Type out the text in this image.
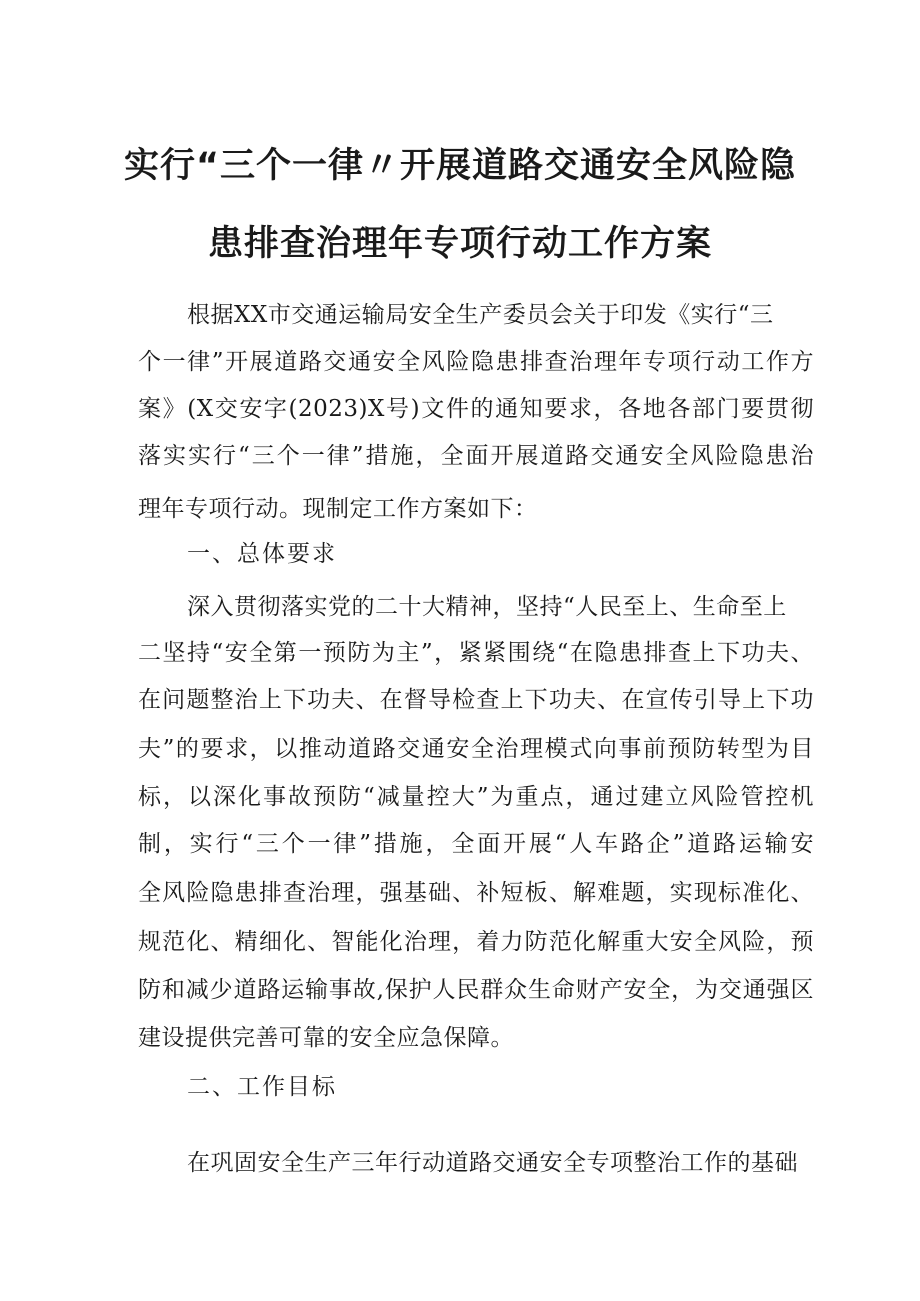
实行“三个一律〃开展道路交通安全风险隐
患排查治理年专项行动工作方案
根据XX市交通运输局安全生产委员会关于印发《实行“三
个一律”开展道路交通安全风险隐患排查治理年专项行动工作方
案》(X交安字(2023)X号)文件的通知要求，各地各部门要贯彻
落实实行“三个一律”措施，全面开展道路交通安全风险隐患治
理年专项行动。现制定工作方案如下：
一、总体要求
深入贯彻落实党的二十大精神，坚持“人民至上、生命至上
二坚持“安全第一预防为主”，紧紧围绕“在隐患排查上下功夫、
在问题整治上下功夫、在督导检查上下功夫、在宣传引导上下功
夫”的要求，以推动道路交通安全治理模式向事前预防转型为目
标，以深化事故预防“减量控大”为重点，通过建立风险管控机
制，实行“三个一律”措施，全面开展“人车路企”道路运输安
全风险隐患排查治理，强基础、补短板、解难题，实现标准化、
规范化、精细化、智能化治理，着力防范化解重大安全风险，预
防和减少道路运输事故,保护人民群众生命财产安全，为交通强区
建设提供完善可靠的安全应急保障。
二、工作目标
在巩固安全生产三年行动道路交通安全专项整治工作的基础
